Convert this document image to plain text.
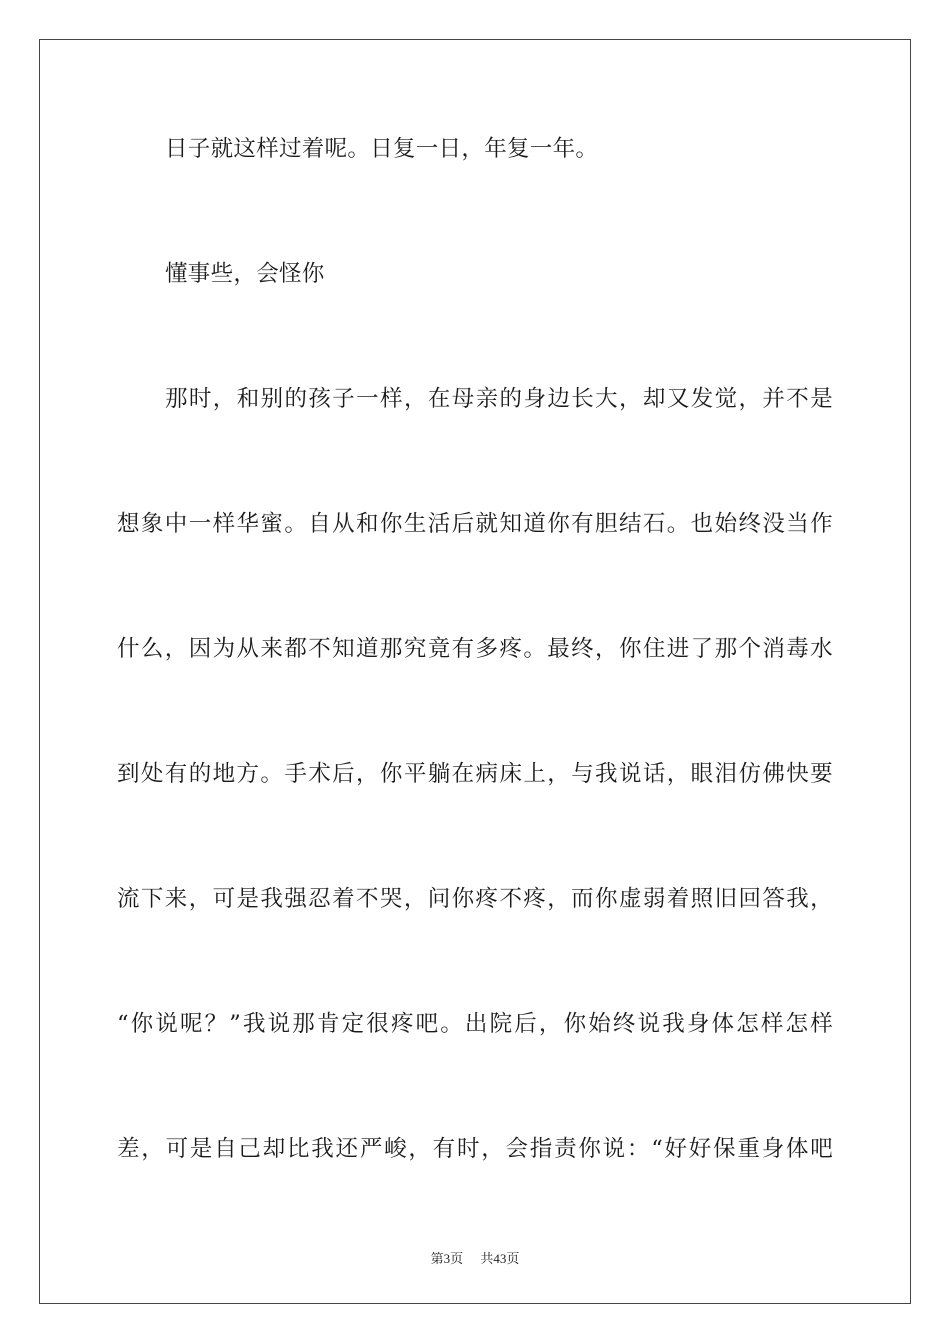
日子就这样过着呢。日复一日，年复一年。
懂事些，会怪你
那时，和别的孩子一样，在母亲的身边长大，却又发觉，并不是
想象中一样华蜜。自从和你生活后就知道你有胆结石。也始终没当作
什么，因为从来都不知道那究竟有多疼。最终，你住进了那个消毒水
到处有的地方。手术后，你平躺在病床上，与我说话，眼泪仿佛快要
流下来，可是我强忍着不哭，问你疼不疼，而你虚弱着照旧回答我，
“你说呢？”我说那肯定很疼吧。出院后，你始终说我身体怎样怎样
差，可是自己却比我还严峻，有时，会指责你说：“好好保重身体吧
第3页 共43页
